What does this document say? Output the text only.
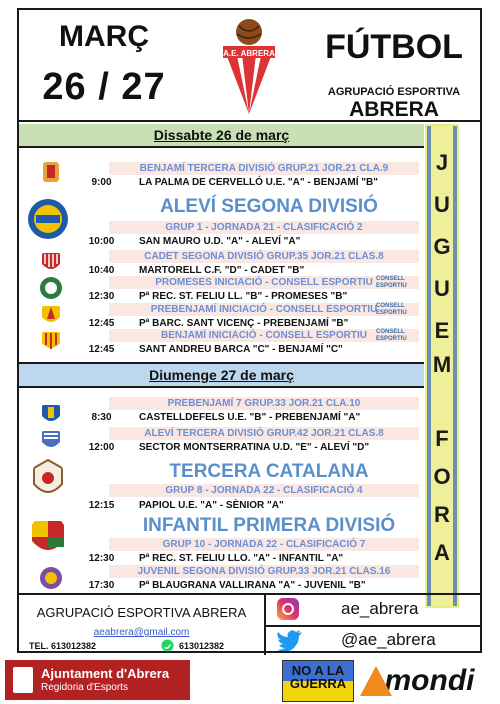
MARÇ
26 / 27
A.E. ABRERA	FÚTBOL
AGRUPACIÓ ESPORTIVA
ABRERA
Dissabte 26 de març
BENJAMÍ TERCERA DIVISIÓ GRUP.21 JOR.21 CLA.9
9:00	LA PALMA DE CERVELLÓ U.E. "A" - BENJAMÍ "B"
ALEVÍ SEGONA DIVISIÓ
GRUP 1 - JORNADA 21 - CLASIFICACIÓ 2
10:00	SAN MAURO U.D. "A" - ALEVÍ "A"
CADET SEGONA DIVISIÓ GRUP.35 JOR.21 CLAS.8
10:40	MARTORELL C.F. "D" - CADET "B"
PROMESES INICIACIÓ - CONSELL ESPORTIU CONSELL ESPORTIU
12:30	Pª REC. ST. FELIU LL. "B" - PROMESES "B"
PREBENJAMÍ INICIACIÓ - CONSELL ESPORTIU
CONSELL ESPORTIU
12:45	Pª BARC. SANT VICENÇ - PREBENJAMÍ "B"
BENJAMÍ INICIACIÓ - CONSELL ESPORTIU	CONSELL ESPORTIU
12:45	SANT ANDREU BARCA "C" - BENJAMÍ "C"
Diumenge 27 de març
PREBENJAMÍ 7 GRUP.33 JOR.21 CLA.10
8:30	CASTELLDEFELS U.E. "B" - PREBENJAMÍ "A"
ALEVÍ TERCERA DIVISIÓ GRUP.42 JOR.21 CLAS.8
12:00	SECTOR MONTSERRATINA U.D. "E" - ALEVÍ "D"
TERCERA CATALANA
GRUP 8 - JORNADA 22 - CLASIFICACIÓ 4
12:15	PAPIOL U.E. "A" - SÈNIOR "A"
INFANTIL PRIMERA DIVISIÓ
GRUP 10 - JORNADA 22 - CLASIFICACIÓ 7
12:30	Pª REC. ST. FELIU LLO. "A" - INFANTIL "A"
JUVENIL SEGONA DIVISIÓ GRUP.33 JOR.21 CLAS.16
17:30	Pª BLAUGRANA VALLIRANA "A" - JUVENIL "B"
J
U
G
U
E
M
F
O
R
A
AGRUPACIÓ ESPORTIVA ABRERA
aeabrera@gmail.com
TEL. 613012382	613012382
ae_abrera
@ae_abrera
Ajuntament d'Abrera
Regidoria d'Esports
NO A LA GUERRA	mondi
